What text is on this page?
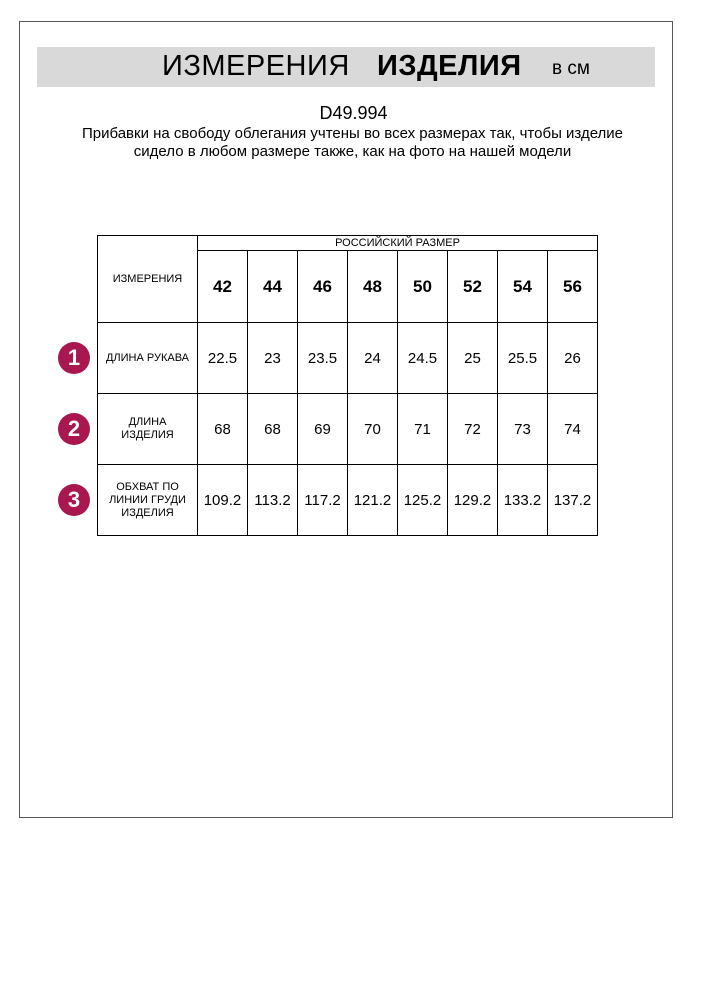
ИЗМЕРЕНИЯ ИЗДЕЛИЯ в см
D49.994
Прибавки на свободу облегания учтены во всех размерах так, чтобы изделие сидело в любом размере также, как на фото на нашей модели
ИЗМЕРЕНИЯ	РОССИЙСКИЙ РАЗМЕР							
	42	44	46	48	50	52	54	56
ДЛИНА РУКАВА	22.5	23	23.5	24	24.5	25	25.5	26

ДЛИНА ИЗДЕЛИЯ	68	68	69	70	71	72	73	74

ОБХВАТ ПО ЛИНИИ ГРУДИ ИЗДЕЛИЯ	109.2	113.2	117.2	121.2	125.2	129.2	133.2	137.2
1
2
3
